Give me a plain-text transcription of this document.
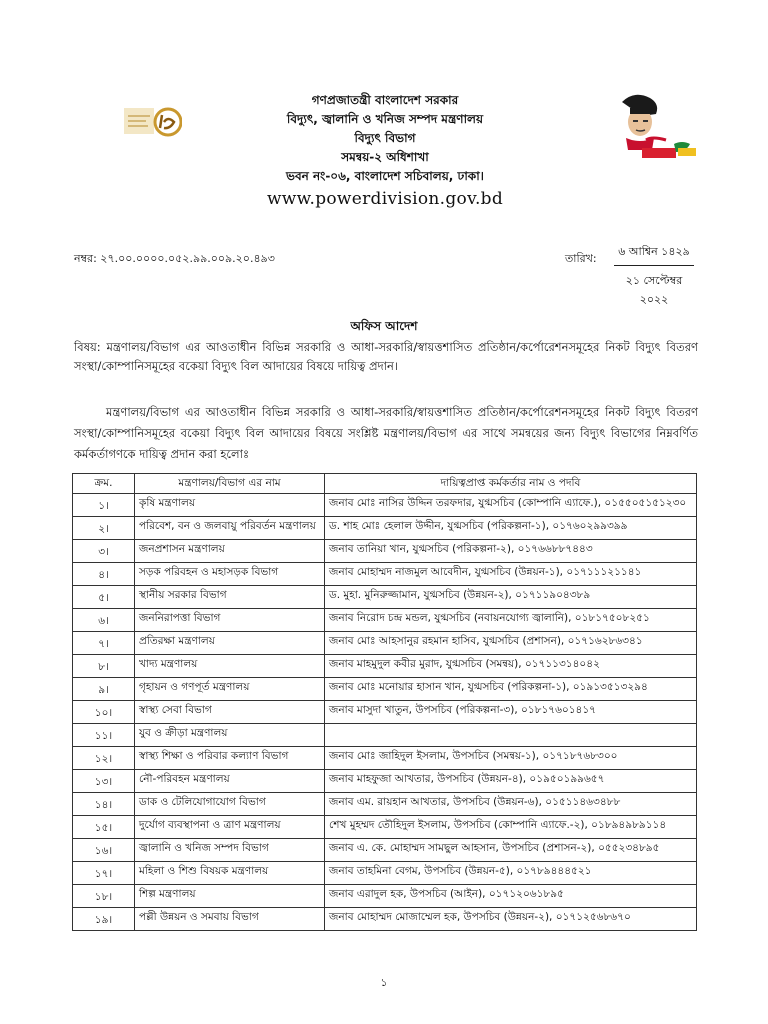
গণপ্রজাতন্ত্রী বাংলাদেশ সরকার
বিদ্যুৎ, জ্বালানি ও খনিজ সম্পদ মন্ত্রণালয়
বিদ্যুৎ বিভাগ
সমন্বয়-২ অধিশাখা
ভবন নং-০৬, বাংলাদেশ সচিবালয়, ঢাকা।
www.powerdivision.gov.bd
নম্বর: ২৭.০০.০০০০.০৫২.৯৯.০০৯.২০.৪৯৩	তারিখ:
৬ আশ্বিন ১৪২৯
২১ সেপ্টেম্বর ২০২২
অফিস আদেশ
বিষয়: মন্ত্রণালয়/বিভাগ এর আওতাধীন বিভিন্ন সরকারি ও আধা-সরকারি/স্বায়ত্তশাসিত প্রতিষ্ঠান/কর্পোরেশনসমূহের নিকট বিদ্যুৎ বিতরণ সংস্থা/কোম্পানিসমূহের বকেয়া বিদ্যুৎ বিল আদায়ের বিষয়ে দায়িত্ব প্রদান।
মন্ত্রণালয়/বিভাগ এর আওতাধীন বিভিন্ন সরকারি ও আধা-সরকারি/স্বায়ত্তশাসিত প্রতিষ্ঠান/কর্পোরেশনসমূহের নিকট বিদ্যুৎ বিতরণ সংস্থা/কোম্পানিসমূহের বকেয়া বিদ্যুৎ বিল আদায়ের বিষয়ে সংশ্লিষ্ট মন্ত্রণালয়/বিভাগ এর সাথে সমন্বয়ের জন্য বিদ্যুৎ বিভাগের নিম্নবর্ণিত কর্মকর্তাগণকে দায়িত্ব প্রদান করা হলোঃ
ক্রম.	মন্ত্রণালয়/বিভাগ এর নাম	দায়িত্বপ্রাপ্ত কর্মকর্তার নাম ও পদবি
১।	কৃষি মন্ত্রণালয়	জনাব মোঃ নাসির উদ্দিন তরফদার, যুগ্মসচিব (কোম্পানি এ্যাফে.), ০১৫৫০৫১৫১২৩০
২।	পরিবেশ, বন ও জলবায়ু পরিবর্তন মন্ত্রণালয়	ড. শাহ মোঃ হেলাল উদ্দীন, যুগ্মসচিব (পরিকল্পনা-১), ০১৭৬০২৯৯৩৯৯
৩।	জনপ্রশাসন মন্ত্রণালয়	জনাব তানিয়া খান, যুগ্মসচিব (পরিকল্পনা-২), ০১৭৬৬৮৮৭৪৪৩
৪।	সড়ক পরিবহন ও মহাসড়ক বিভাগ	জনাব মোহাম্মদ নাজমুল আবেদীন, যুগ্মসচিব (উন্নয়ন-১), ০১৭১১১২১১৪১
৫।	স্থানীয় সরকার বিভাগ	ড. মুহা. মুনিরুজ্জামান, যুগ্মসচিব (উন্নয়ন-২), ০১৭১১৯০৪৩৮৯
৬।	জননিরাপত্তা বিভাগ	জনাব নিরোদ চন্দ্র মন্ডল, যুগ্মসচিব (নবায়নযোগ্য জ্বালানি), ০১৮১৭৫০৮২৫১
৭।	প্রতিরক্ষা মন্ত্রণালয়	জনাব মোঃ আহসানুর রহমান হাসিব, যুগ্মসচিব (প্রশাসন), ০১৭১৬২৮৬৩৪১
৮।	খাদ্য মন্ত্রণালয়	জনাব মাহমুদুল কবীর মুরাদ, যুগ্মসচিব (সমন্বয়), ০১৭১১৩১৪০৪২
৯।	গৃহায়ন ও গণপূর্ত মন্ত্রণালয়	জনাব মোঃ মনোয়ার হাসান খান, যুগ্মসচিব (পরিকল্পনা-১), ০১৯১৩৫১৩২৯৪
১০।	স্বাস্থ্য সেবা বিভাগ	জনাব মাসুদা খাতুন, উপসচিব (পরিকল্পনা-৩), ০১৮১৭৬০১৪১৭
১১।	যুব ও ক্রীড়া মন্ত্রণালয়	
১২।	স্বাস্থ্য শিক্ষা ও পরিবার কল্যাণ বিভাগ	জনাব মোঃ জাহিদুল ইসলাম, উপসচিব (সমন্বয়-১), ০১৭১৮৭৬৮৩০০
১৩।	নৌ-পরিবহন মন্ত্রণালয়	জনাব মাহফুজা আখতার, উপসচিব (উন্নয়ন-৪), ০১৯৫০১৯৯৬৫৭
১৪।	ডাক ও টেলিযোগাযোগ বিভাগ	জনাব এম. রায়হান আখতার, উপসচিব (উন্নয়ন-৬), ০১৫১১৪৬৩৪৮৮
১৫।	দুর্যোগ ব্যবস্থাপনা ও ত্রাণ মন্ত্রণালয়	শেখ মুহম্মদ তৌহিদুল ইসলাম, উপসচিব (কোম্পানি এ্যাফে.-২), ০১৮৯৪৯৮৯১১৪
১৬।	জ্বালানি ও খনিজ সম্পদ বিভাগ	জনাব এ. কে. মোহাম্মদ সামছুল আহসান, উপসচিব (প্রশাসন-২), ০৫৫২৩৪৮৯৫
১৭।	মহিলা ও শিশু বিষয়ক মন্ত্রণালয়	জনাব তাহমিনা বেগম, উপসচিব (উন্নয়ন-৫), ০১৭৮৯৪৪৪৫২১
১৮।	শিল্প মন্ত্রণালয়	জনাব এরাদুল হক, উপসচিব (আইন), ০১৭১২০৬১৮৯৫
১৯।	পল্লী উন্নয়ন ও সমবায় বিভাগ	জনাব মোহাম্মদ মোজাম্মেল হক, উপসচিব (উন্নয়ন-২), ০১৭১২৫৬৮৬৭০
১
